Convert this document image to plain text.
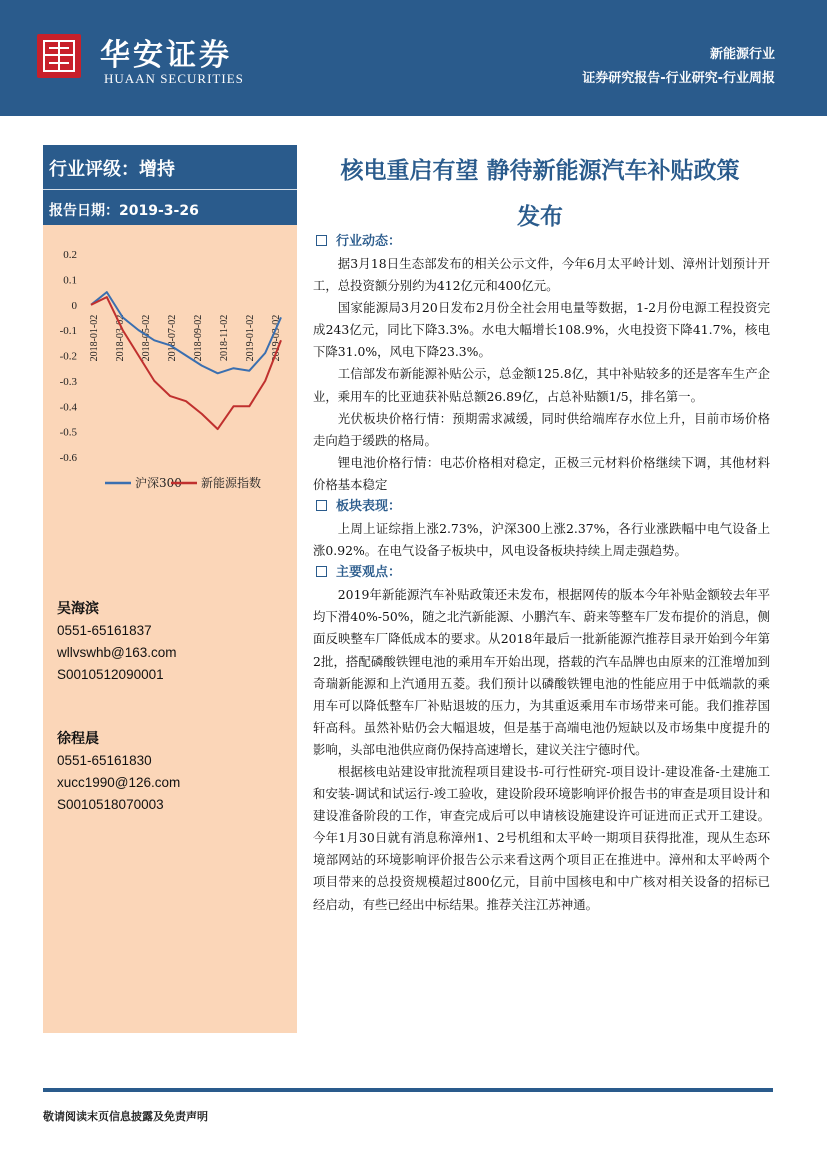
华安证券
HUAAN SECURITIES
新能源行业
证券研究报告-行业研究-行业周报
行业评级：增持
报告日期：2019-3-26
0.2
0.1
0
-0.1
-0.2
-0.3
-0.4
-0.5
-0.6
2018-01-02 2018-03-02 2018-05-02 2018-07-02 2018-09-02 2018-11-02 2019-01-02 2019-03-02
沪深300 新能源指数
吴海滨
0551-65161837
wllvswhb@163.com
S0010512090001
徐程晨
0551-65161830
xucc1990@126.com
S0010518070003
核电重启有望 静待新能源汽车补贴政策
发布
行业动态：

据3月18日生态部发布的相关公示文件，今年6月太平岭计划、漳州计划预计开工，总投资额分别约为412亿元和400亿元。

国家能源局3月20日发布2月份全社会用电量等数据，1-2月份电源工程投资完成243亿元，同比下降3.3%。水电大幅增长108.9%，火电投资下降41.7%，核电下降31.0%，风电下降23.3%。

工信部发布新能源补贴公示，总金额125.8亿，其中补贴较多的还是客车生产企业，乘用车的比亚迪获补贴总额26.89亿，占总补贴额1/5，排名第一。

光伏板块价格行情：预期需求减缓，同时供给端库存水位上升，目前市场价格走向趋于缓跌的格局。

锂电池价格行情：电芯价格相对稳定，正极三元材料价格继续下调，其他材料价格基本稳定

板块表现：

上周上证综指上涨2.73%，沪深300上涨2.37%，各行业涨跌幅中电气设备上涨0.92%。在电气设备子板块中，风电设备板块持续上周走强趋势。

主要观点：

2019年新能源汽车补贴政策还未发布，根据网传的版本今年补贴金额较去年平均下滑40%-50%，随之北汽新能源、小鹏汽车、蔚来等整车厂发布提价的消息，侧面反映整车厂降低成本的要求。从2018年最后一批新能源汽推荐目录开始到今年第2批，搭配磷酸铁锂电池的乘用车开始出现，搭载的汽车品牌也由原来的江淮增加到奇瑞新能源和上汽通用五菱。我们预计以磷酸铁锂电池的性能应用于中低端款的乘用车可以降低整车厂补贴退坡的压力，为其重返乘用车市场带来可能。我们推荐国轩高科。虽然补贴仍会大幅退坡，但是基于高端电池仍短缺以及市场集中度提升的影响，头部电池供应商仍保持高速增长，建议关注宁德时代。

根据核电站建设审批流程项目建设书-可行性研究-项目设计-建设准备-土建施工和安装-调试和试运行-竣工验收，建设阶段环境影响评价报告书的审查是项目设计和建设准备阶段的工作，审查完成后可以申请核设施建设许可证进而正式开工建设。今年1月30日就有消息称漳州1、2号机组和太平岭一期项目获得批准，现从生态环境部网站的环境影响评价报告公示来看这两个项目正在推进中。漳州和太平岭两个项目带来的总投资规模超过800亿元，目前中国核电和中广核对相关设备的招标已经启动，有些已经出中标结果。推荐关注江苏神通。

敬请阅读末页信息披露及免责声明
